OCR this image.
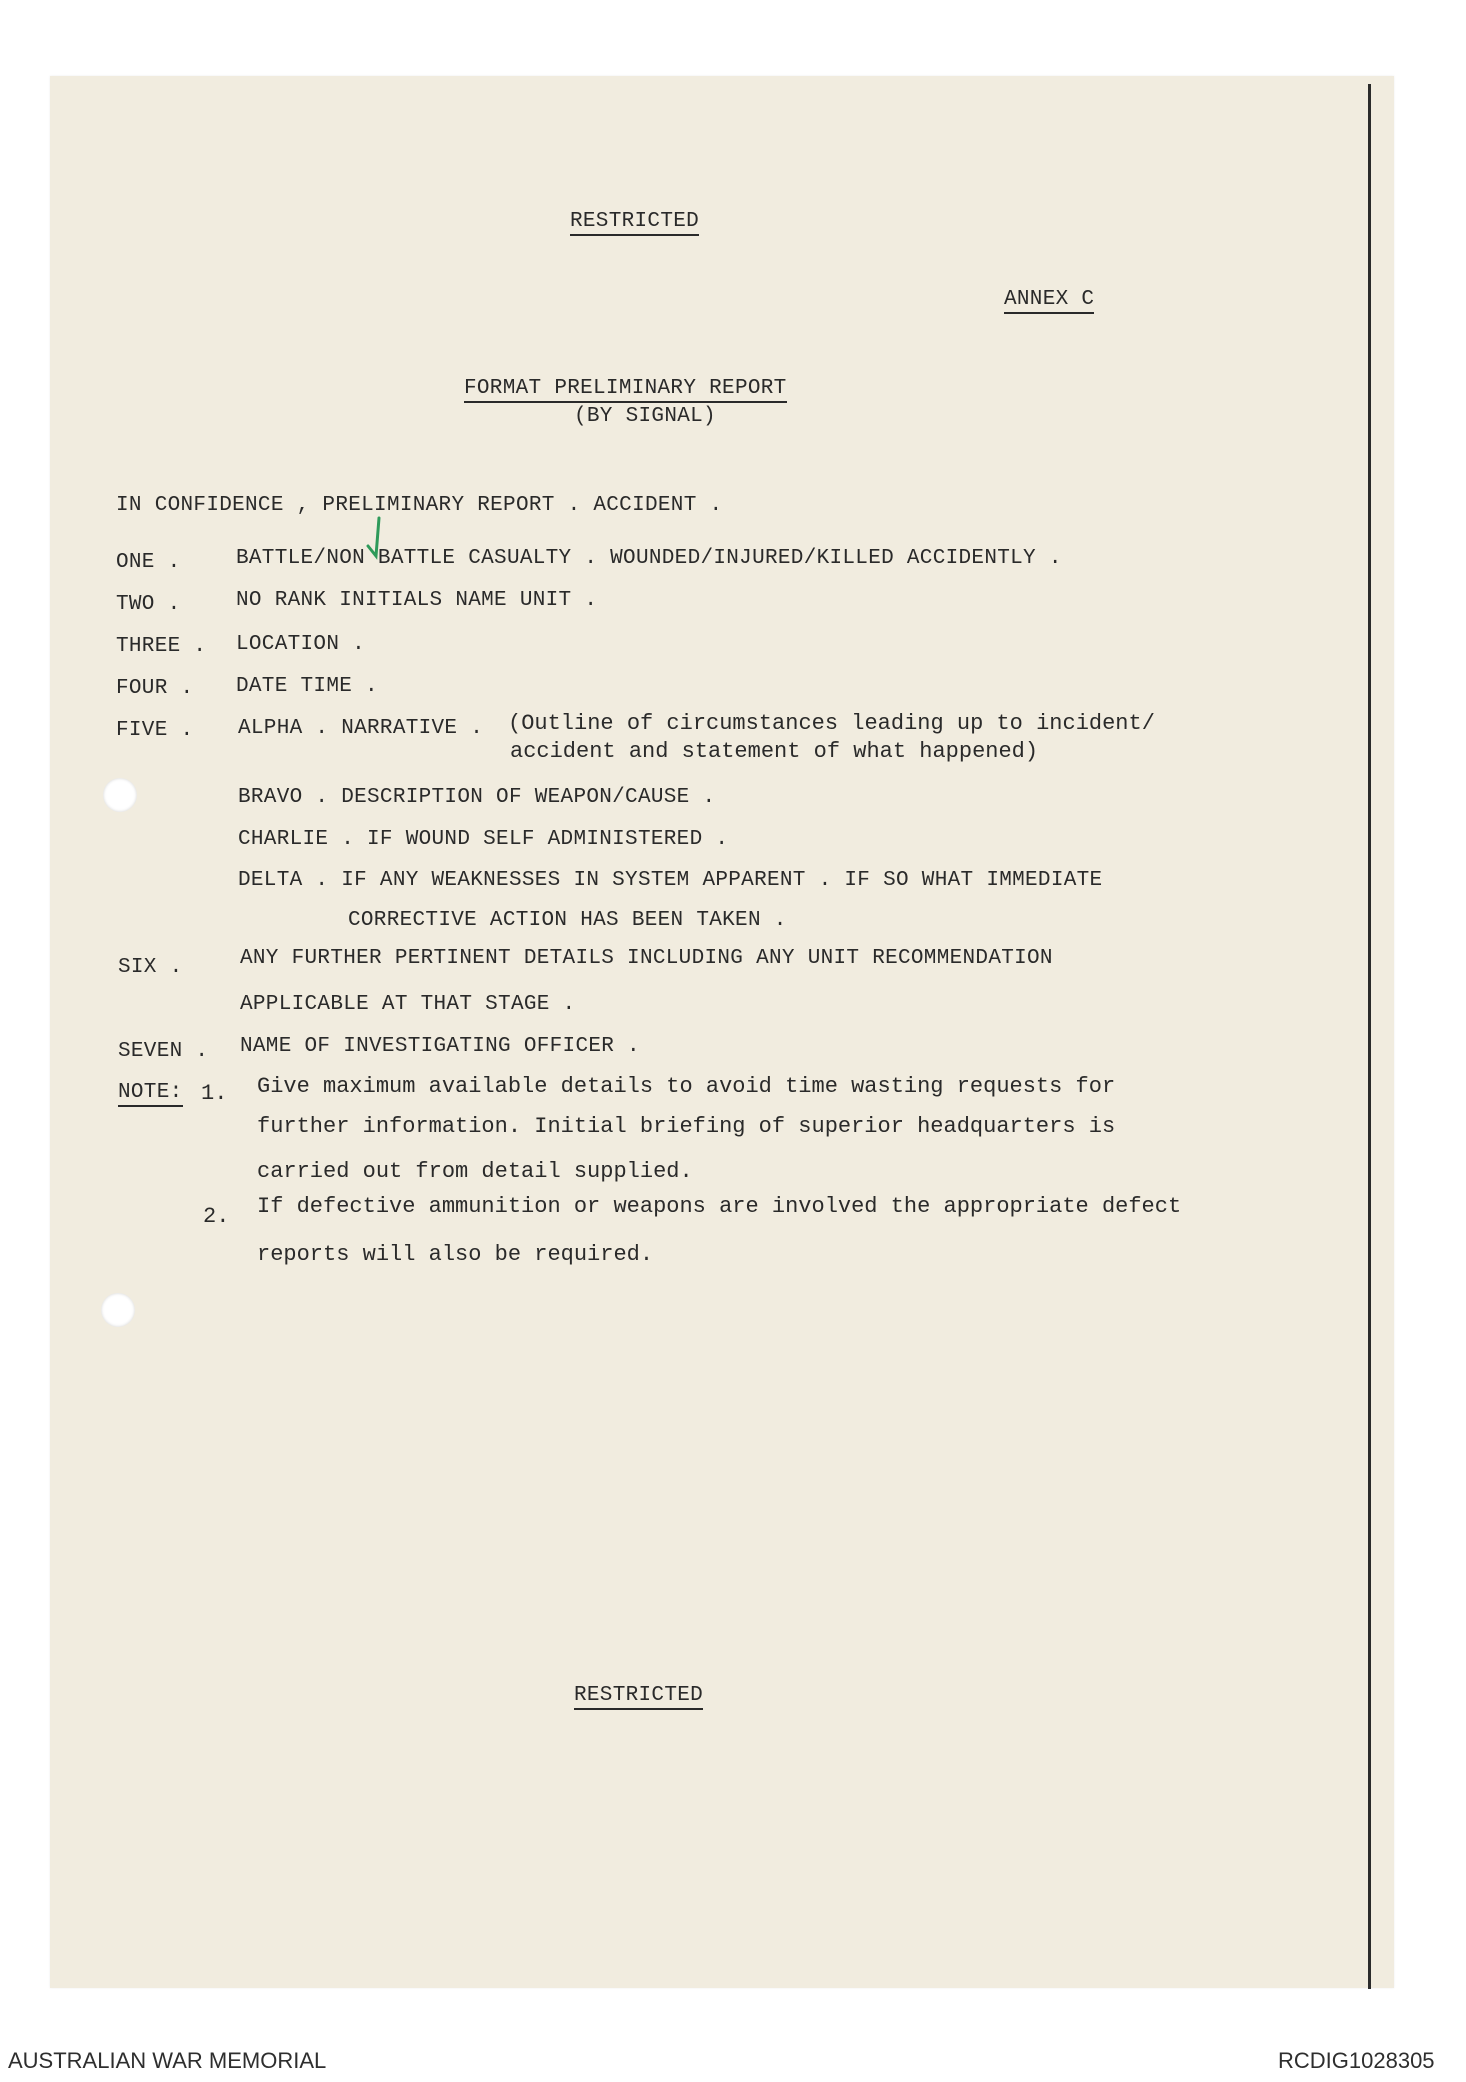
RESTRICTED
ANNEX C
FORMAT PRELIMINARY REPORT
(BY SIGNAL)
IN CONFIDENCE , PRELIMINARY REPORT . ACCIDENT .
ONE .	BATTLE/NON BATTLE CASUALTY . WOUNDED/INJURED/KILLED ACCIDENTLY .
TWO .	NO RANK INITIALS NAME UNIT .
THREE . LOCATION .
FOUR . DATE TIME .
FIVE . ALPHA . NARRATIVE . (Outline of circumstances leading up to incident/
accident and statement of what happened)
BRAVO . DESCRIPTION OF WEAPON/CAUSE .
CHARLIE . IF WOUND SELF ADMINISTERED .
DELTA . IF ANY WEAKNESSES IN SYSTEM APPARENT . IF SO WHAT IMMEDIATE
CORRECTIVE ACTION HAS BEEN TAKEN .
SIX .	ANY FURTHER PERTINENT DETAILS INCLUDING ANY UNIT RECOMMENDATION
APPLICABLE AT THAT STAGE .
SEVEN . NAME OF INVESTIGATING OFFICER .
NOTE: 1. Give maximum available details to avoid time wasting requests for
further information. Initial briefing of superior headquarters is
carried out from detail supplied.
2. If defective ammunition or weapons are involved the appropriate defect
reports will also be required.
RESTRICTED
AUSTRALIAN WAR MEMORIAL	RCDIG1028305
